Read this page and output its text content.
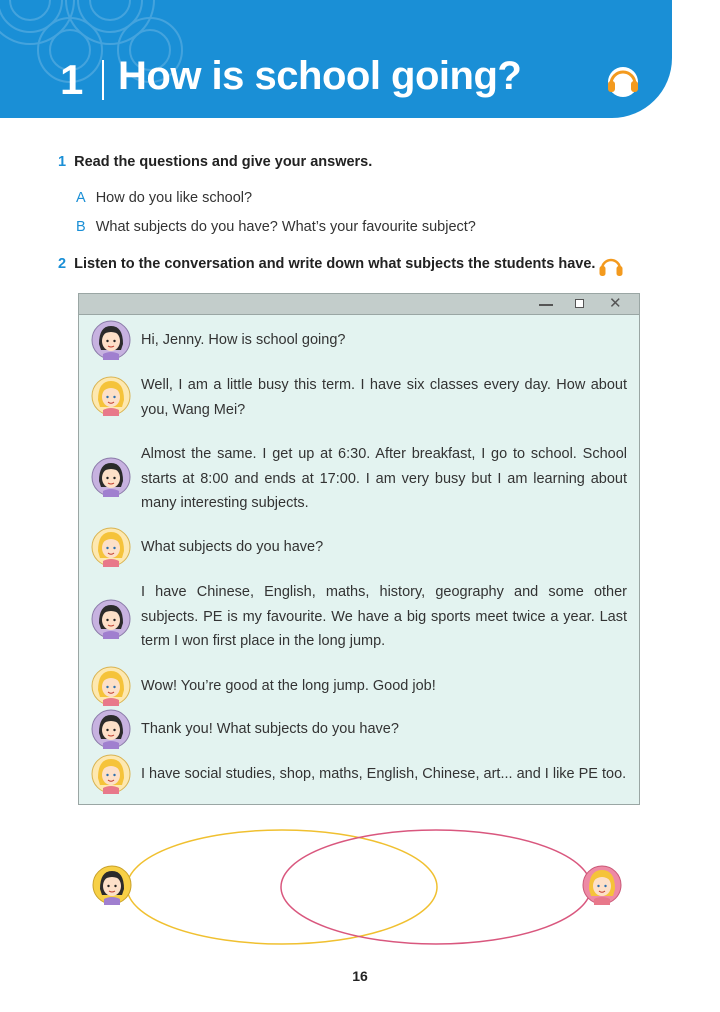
1 How is school going?
1 Read the questions and give your answers.
A How do you like school?
B What subjects do you have? What’s your favourite subject?
2 Listen to the conversation and write down what subjects the students have.
✕
Hi, Jenny. How is school going?
Well, I am a little busy this term. I have six classes every day. How about you, Wang Mei?
Almost the same. I get up at 6:30. After breakfast, I go to school. School starts at 8:00 and ends at 17:00. I am very busy but I am learning about many interesting subjects.
What subjects do you have?
I have Chinese, English, maths, history, geography and some other subjects. PE is my favourite. We have a big sports meet twice a year. Last term I won first place in the long jump.
Wow! You’re good at the long jump. Good job!
Thank you! What subjects do you have?
I have social studies, shop, maths, English, Chinese, art... and I like PE too.
16
